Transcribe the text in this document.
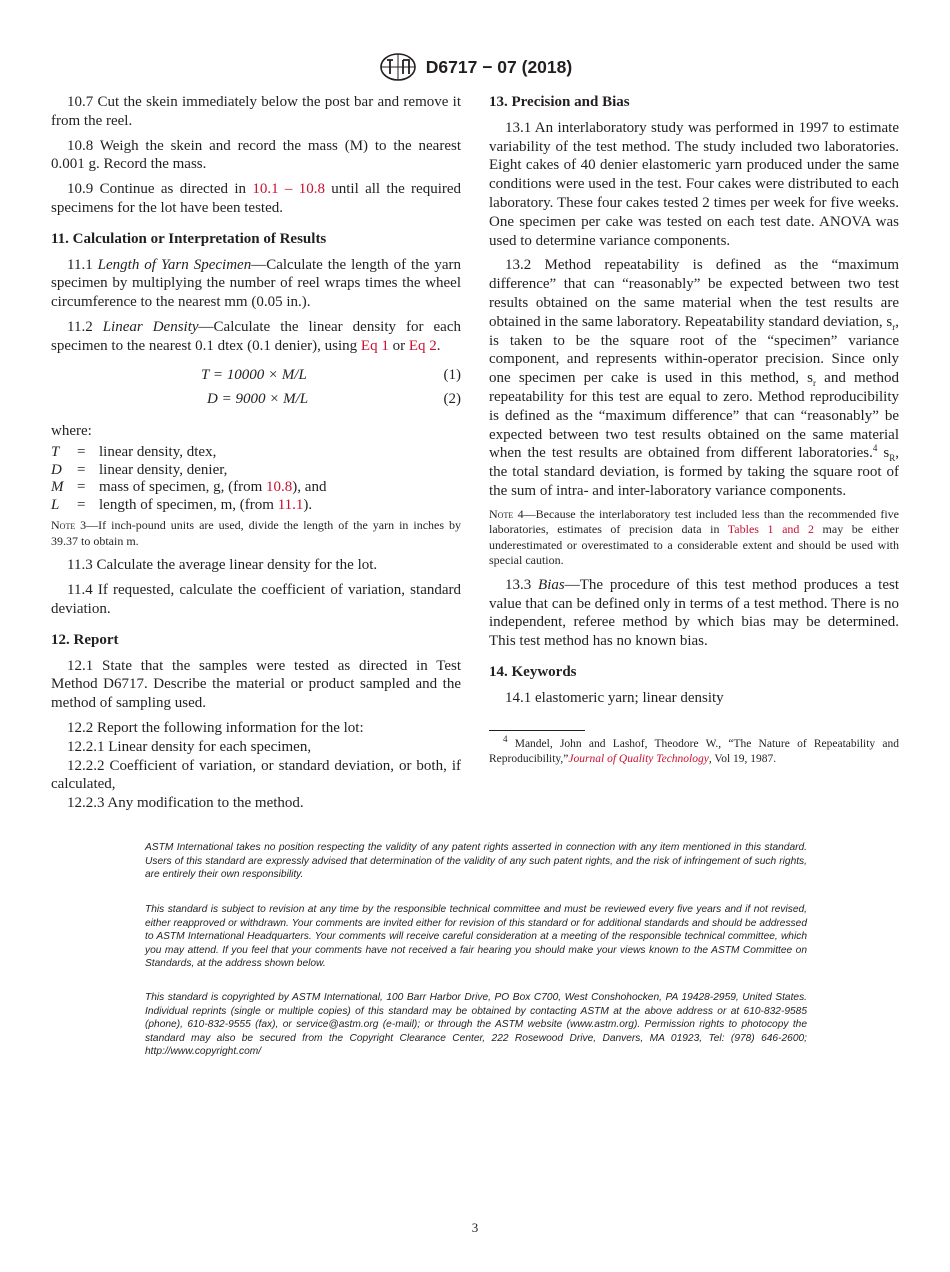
D6717 − 07 (2018)

10.7 Cut the skein immediately below the post bar and remove it from the reel.

10.8 Weigh the skein and record the mass (M) to the nearest 0.001 g. Record the mass.

10.9 Continue as directed in 10.1 – 10.8 until all the required specimens for the lot have been tested.

11. Calculation or Interpretation of Results

11.1 Length of Yarn Specimen—Calculate the length of the yarn specimen by multiplying the number of reel wraps times the wheel circumference to the nearest mm (0.05 in.).

11.2 Linear Density—Calculate the linear density for each specimen to the nearest 0.1 dtex (0.1 denier), using Eq 1 or Eq 2.

T = 10000 × M/L	(1)
D = 9000 × M/L	(2)

where:

T	= linear density, dtex,
D	= linear density, denier,
M = mass of specimen, g, (from 10.8), and
L	= length of specimen, m, (from 11.1).

Note 3—If inch-pound units are used, divide the length of the yarn in inches by 39.37 to obtain m.

11.3 Calculate the average linear density for the lot.

11.4 If requested, calculate the coefficient of variation, standard deviation.

12. Report

12.1 State that the samples were tested as directed in Test Method D6717. Describe the material or product sampled and the method of sampling used.

12.2 Report the following information for the lot:

12.2.1 Linear density for each specimen,

12.2.2 Coefficient of variation, or standard deviation, or both, if calculated,

12.2.3 Any modification to the method.

13. Precision and Bias

13.1 An interlaboratory study was performed in 1997 to estimate variability of the test method. The study included two laboratories. Eight cakes of 40 denier elastomeric yarn produced under the same conditions were used in the test. Four cakes were distributed to each laboratory. These four cakes tested 2 times per week for five weeks. One specimen per cake was tested on each test date. ANOVA was used to determine variance components.

13.2 Method repeatability is defined as the “maximum difference” that can “reasonably” be expected between two test results obtained on the same material when the test results are obtained in the same laboratory. Repeatability standard deviation, $s_r$, is taken to be the square root of the “specimen” variance component, and represents within-operator precision. Since only one specimen per cake is used in this method, $s_r$ and method repeatability for this test are equal to zero. Method reproducibility is defined as the “maximum difference” that can “reasonably” be expected between two test results obtained on the same material when the test results are obtained from different laboratories.$^4$ $s_R$, the total standard deviation, is formed by taking the square root of the sum of intra- and inter-laboratory variance components.

Note 4—Because the interlaboratory test included less than the recommended five laboratories, estimates of precision data in Tables 1 and 2 may be either underestimated or overestimated to a considerable extent and should be used with special caution.

13.3 Bias—The procedure of this test method produces a test value that can be defined only in terms of a test method. There is no independent, referee method by which bias may be determined. This test method has no known bias.

14. Keywords

14.1 elastomeric yarn; linear density

$^4$ Mandel, John and Lashof, Theodore W., “The Nature of Repeatability and Reproducibility,”Journal of Quality Technology, Vol 19, 1987.

ASTM International takes no position respecting the validity of any patent rights asserted in connection with any item mentioned in this standard. Users of this standard are expressly advised that determination of the validity of any such patent rights, and the risk of infringement of such rights, are entirely their own responsibility.

This standard is subject to revision at any time by the responsible technical committee and must be reviewed every five years and if not revised, either reapproved or withdrawn. Your comments are invited either for revision of this standard or for additional standards and should be addressed to ASTM International Headquarters. Your comments will receive careful consideration at a meeting of the responsible technical committee, which you may attend. If you feel that your comments have not received a fair hearing you should make your views known to the ASTM Committee on Standards, at the address shown below.

This standard is copyrighted by ASTM International, 100 Barr Harbor Drive, PO Box C700, West Conshohocken, PA 19428-2959, United States. Individual reprints (single or multiple copies) of this standard may be obtained by contacting ASTM at the above address or at 610-832-9585 (phone), 610-832-9555 (fax), or service@astm.org (e-mail); or through the ASTM website (www.astm.org). Permission rights to photocopy the standard may also be secured from the Copyright Clearance Center, 222 Rosewood Drive, Danvers, MA 01923, Tel: (978) 646-2600; http://www.copyright.com/

3
